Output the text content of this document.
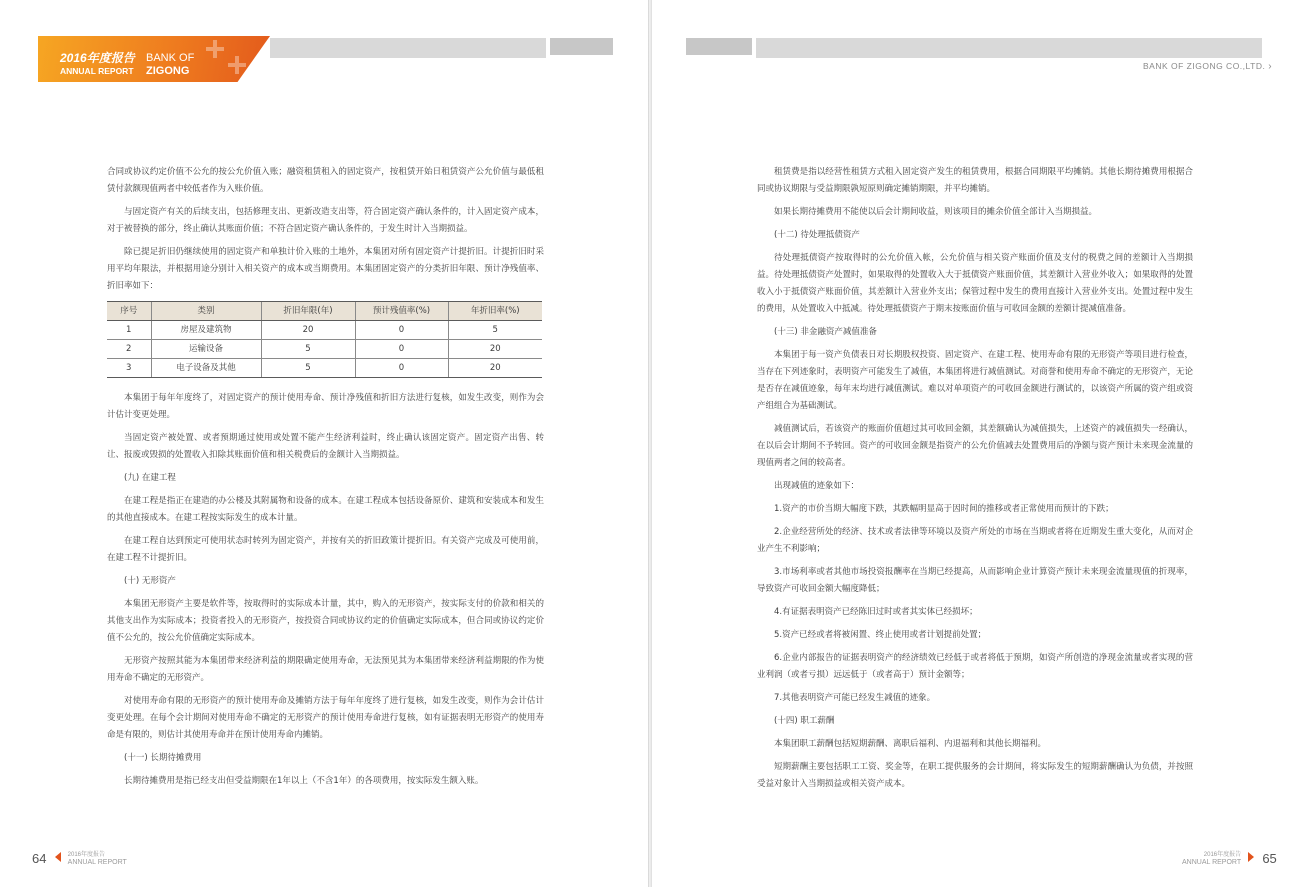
2016年度报告
ANNUAL REPORT
BANK OF
ZIGONG

合同或协议约定价值不公允的按公允价值入账；融资租赁租入的固定资产，按租赁开始日租赁资产公允价值与最低租赁付款额现值两者中较低者作为入账价值。

与固定资产有关的后续支出，包括修理支出、更新改造支出等，符合固定资产确认条件的，计入固定资产成本，对于被替换的部分，终止确认其账面价值；不符合固定资产确认条件的，于发生时计入当期损益。

除已提足折旧仍继续使用的固定资产和单独计价入账的土地外，本集团对所有固定资产计提折旧。计提折旧时采用平均年限法，并根据用途分别计入相关资产的成本或当期费用。本集团固定资产的分类折旧年限、预计净残值率、折旧率如下：

序号	类别	折旧年限(年)	预计残值率(%)	年折旧率(%)
1	房屋及建筑物	20	0	5
2	运输设备	5	0	20
3	电子设备及其他	5	0	20

本集团于每年年度终了，对固定资产的预计使用寿命、预计净残值和折旧方法进行复核，如发生改变，则作为会计估计变更处理。

当固定资产被处置、或者预期通过使用或处置不能产生经济利益时，终止确认该固定资产。固定资产出售、转让、报废或毁损的处置收入扣除其账面价值和相关税费后的金额计入当期损益。

(九) 在建工程

在建工程是指正在建造的办公楼及其附属物和设备的成本。在建工程成本包括设备原价、建筑和安装成本和发生的其他直接成本。在建工程按实际发生的成本计量。

在建工程自达到预定可使用状态时转列为固定资产，并按有关的折旧政策计提折旧。有关资产完成及可使用前，在建工程不计提折旧。

(十) 无形资产

本集团无形资产主要是软件等，按取得时的实际成本计量，其中，购入的无形资产，按实际支付的价款和相关的其他支出作为实际成本；投资者投入的无形资产，按投资合同或协议约定的价值确定实际成本，但合同或协议约定价值不公允的，按公允价值确定实际成本。

无形资产按照其能为本集团带来经济利益的期限确定使用寿命，无法预见其为本集团带来经济利益期限的作为使用寿命不确定的无形资产。

对使用寿命有限的无形资产的预计使用寿命及摊销方法于每年年度终了进行复核，如发生改变，则作为会计估计变更处理。在每个会计期间对使用寿命不确定的无形资产的预计使用寿命进行复核，如有证据表明无形资产的使用寿命是有限的，则估计其使用寿命并在预计使用寿命内摊销。

(十一) 长期待摊费用

长期待摊费用是指已经支出但受益期限在1年以上（不含1年）的各项费用，按实际发生额入账。

64	2016年度报告
ANNUAL REPORT
BANK OF ZIGONG CO.,LTD. ›

租赁费是指以经营性租赁方式租入固定资产发生的租赁费用，根据合同期限平均摊销。其他长期待摊费用根据合同或协议期限与受益期限孰短原则确定摊销期限，并平均摊销。

如果长期待摊费用不能使以后会计期间收益，则该项目的摊余价值全部计入当期损益。

(十二) 待处理抵债资产

待处理抵债资产按取得时的公允价值入帐，公允价值与相关资产账面价值及支付的税费之间的差额计入当期损益。待处理抵债资产处置时，如果取得的处置收入大于抵债资产账面价值，其差额计入营业外收入；如果取得的处置收入小于抵债资产账面价值，其差额计入营业外支出；保管过程中发生的费用直接计入营业外支出。处置过程中发生的费用，从处置收入中抵减。待处理抵债资产于期末按账面价值与可收回金额的差额计提减值准备。

(十三) 非金融资产减值准备

本集团于每一资产负债表日对长期股权投资、固定资产、在建工程、使用寿命有限的无形资产等项目进行检查，当存在下列迹象时，表明资产可能发生了减值，本集团将进行减值测试。对商誉和使用寿命不确定的无形资产，无论是否存在减值迹象，每年末均进行减值测试。难以对单项资产的可收回金额进行测试的，以该资产所属的资产组或资产组组合为基础测试。

减值测试后，若该资产的账面价值超过其可收回金额，其差额确认为减值损失，上述资产的减值损失一经确认，在以后会计期间不予转回。资产的可收回金额是指资产的公允价值减去处置费用后的净额与资产预计未来现金流量的现值两者之间的较高者。

出现减值的迹象如下：

1.资产的市价当期大幅度下跌，其跌幅明显高于因时间的推移或者正常使用而预计的下跌；

2.企业经营所处的经济、技术或者法律等环境以及资产所处的市场在当期或者将在近期发生重大变化，从而对企业产生不利影响；

3.市场利率或者其他市场投资报酬率在当期已经提高，从而影响企业计算资产预计未来现金流量现值的折现率，导致资产可收回金额大幅度降低；

4.有证据表明资产已经陈旧过时或者其实体已经损坏；

5.资产已经或者将被闲置、终止使用或者计划提前处置；

6.企业内部报告的证据表明资产的经济绩效已经低于或者将低于预期，如资产所创造的净现金流量或者实现的营业利润（或者亏损）远远低于（或者高于）预计金额等；

7.其他表明资产可能已经发生减值的迹象。

(十四) 职工薪酬

本集团职工薪酬包括短期薪酬、离职后福利、内退福利和其他长期福利。

短期薪酬主要包括职工工资、奖金等，在职工提供服务的会计期间，将实际发生的短期薪酬确认为负债，并按照受益对象计入当期损益或相关资产成本。

2016年度报告
ANNUAL REPORT 65
